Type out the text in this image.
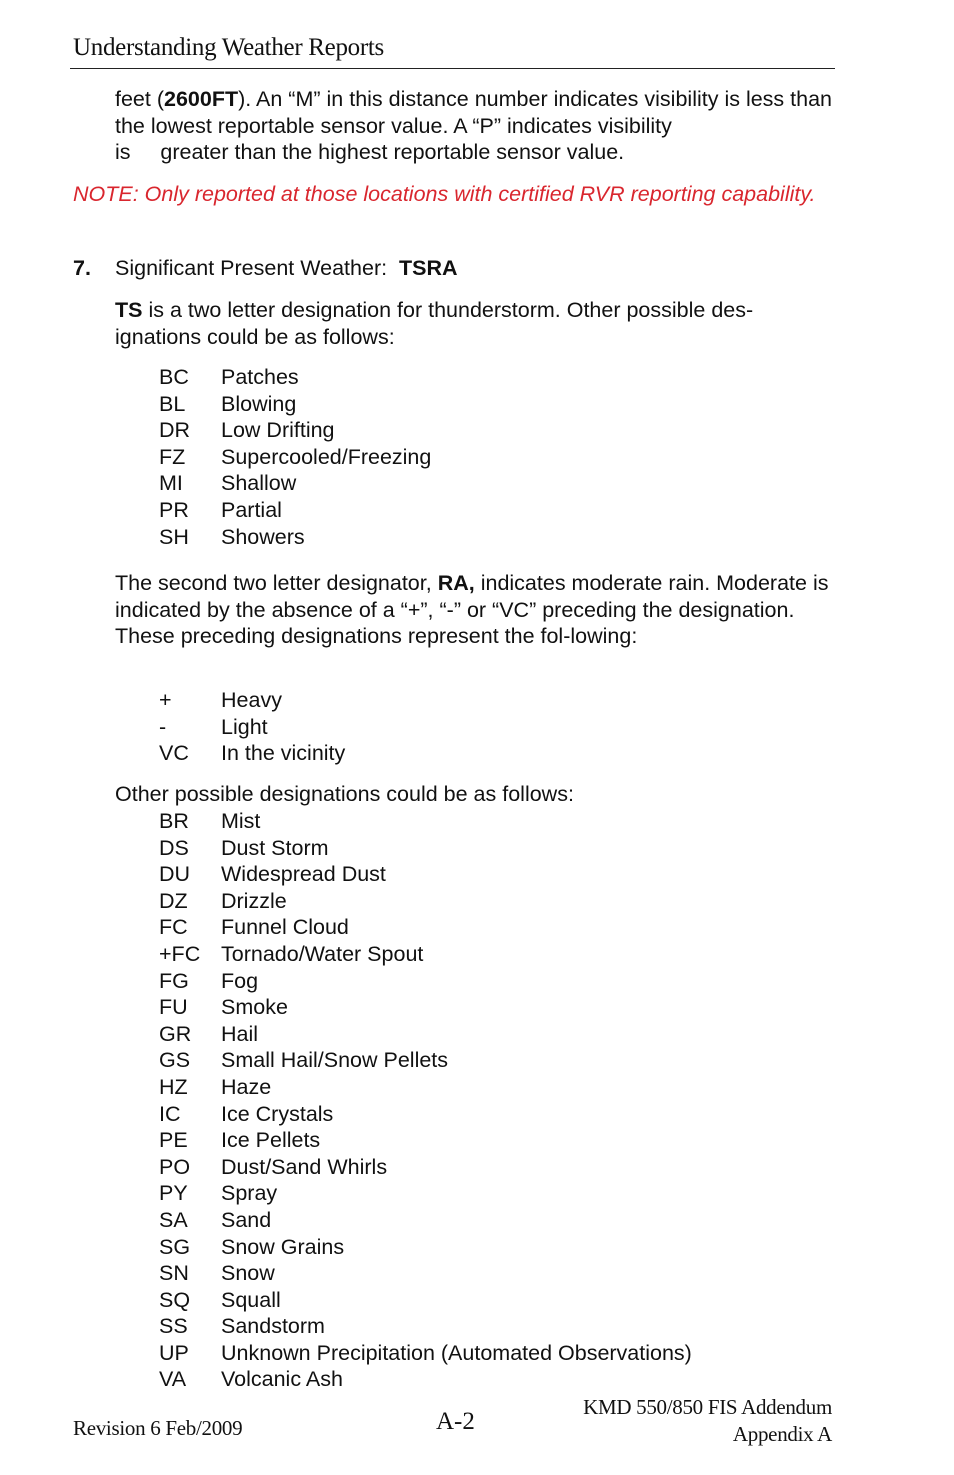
Understanding Weather Reports
feet (2600FT). An “M” in this distance number indicates visibility is less than the lowest reportable sensor value. A “P” indicates visibility
is     greater than the highest reportable sensor value.
NOTE: Only reported at those locations with certified RVR reporting capability.
7. Significant Present Weather: TSRA
TS is a two letter designation for thunderstorm. Other possible des-ignations could be as follows:
BC	Patches
BL	Blowing
DR	Low Drifting
FZ	Supercooled/Freezing
MI	Shallow
PR	Partial
SH	Showers
The second two letter designator, RA, indicates moderate rain. Moderate is indicated by the absence of a “+”, “-” or “VC” preceding the designation. These preceding designations represent the fol-lowing:
+	Heavy
-	Light
VC	In the vicinity
Other possible designations could be as follows:
BR	Mist
DS	Dust Storm
DU	Widespread Dust
DZ	Drizzle
FC	Funnel Cloud
+FC Tornado/Water Spout
FG	Fog
FU	Smoke
GR	Hail
GS	Small Hail/Snow Pellets
HZ	Haze
IC	Ice Crystals
PE	Ice Pellets
PO	Dust/Sand Whirls
PY	Spray
SA	Sand
SG	Snow Grains
SN	Snow
SQ	Squall
SS	Sandstorm
UP	Unknown Precipitation (Automated Observations)
VA	Volcanic Ash
Revision 6 Feb/2009	A-2
KMD 550/850 FIS Addendum
Appendix A
